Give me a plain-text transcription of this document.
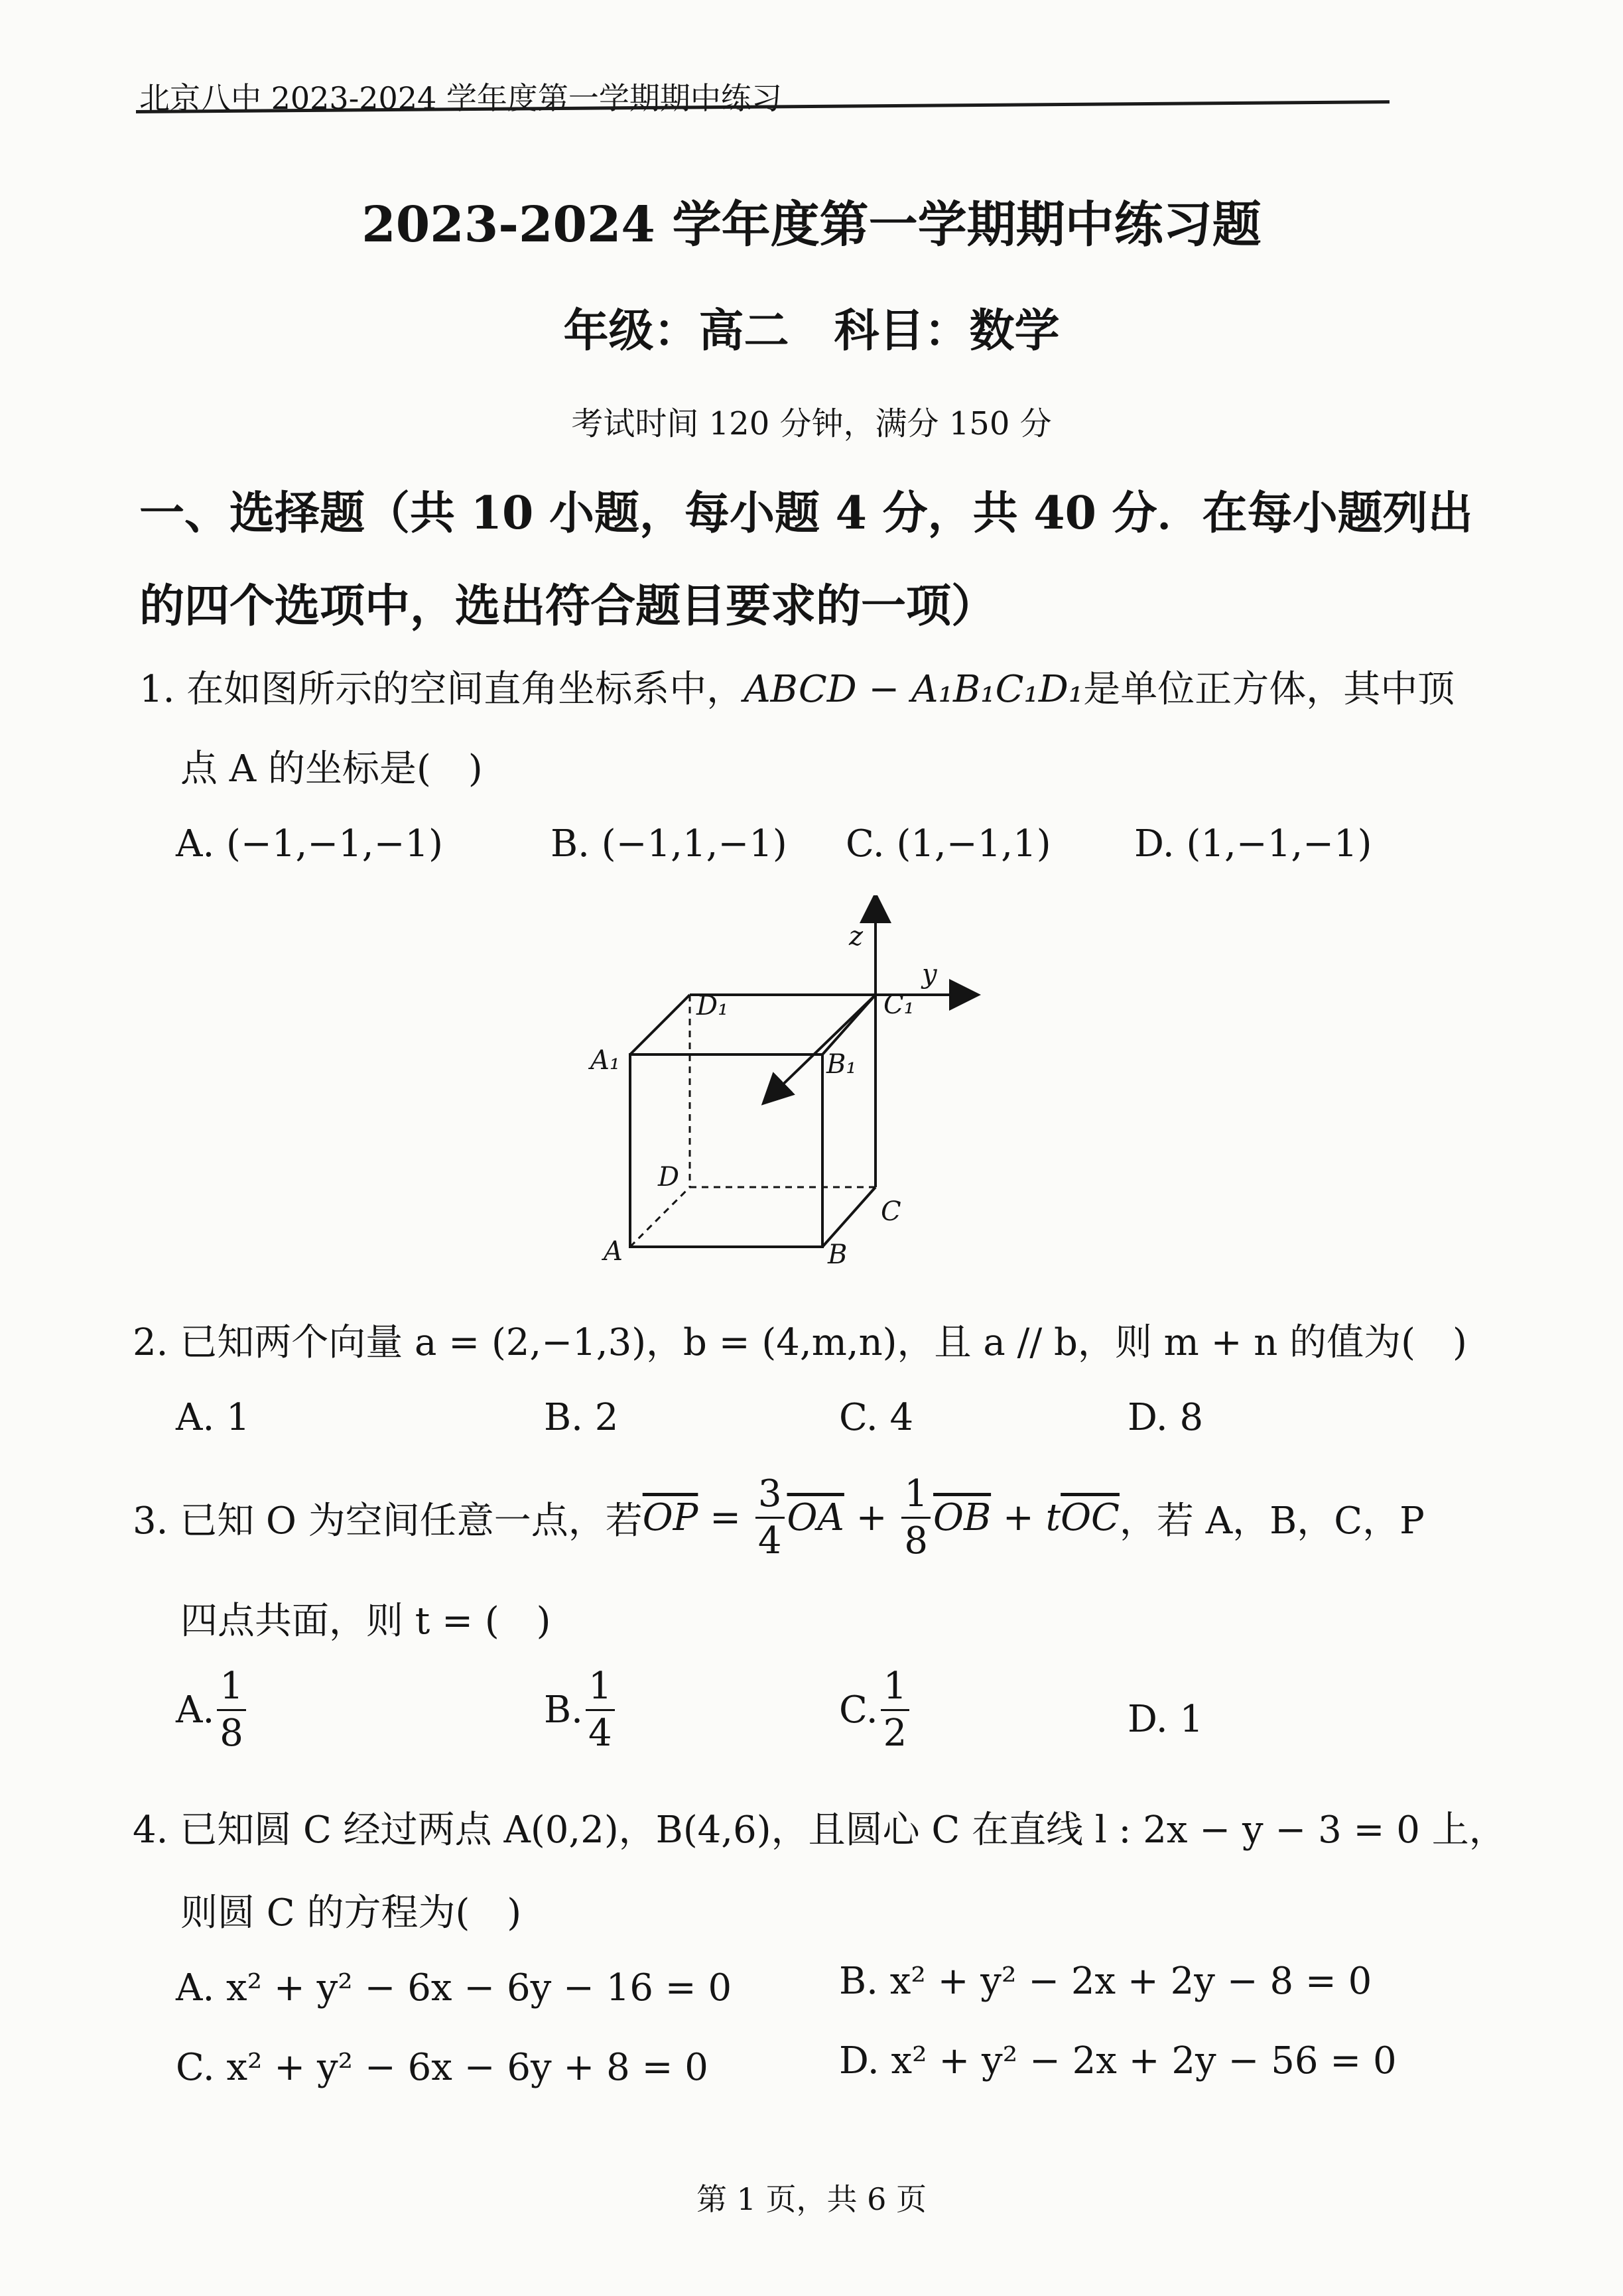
北京八中 2023-2024 学年度第一学期期中练习
2023-2024 学年度第一学期期中练习题
年级：高二　科目：数学
考试时间 120 分钟，满分 150 分
一、选择题（共 10 小题，每小题 4 分，共 40 分．在每小题列出
的四个选项中，选出符合题目要求的一项）
1. 在如图所示的空间直角坐标系中，ABCD − A₁B₁C₁D₁是单位正方体，其中顶
点 A 的坐标是(　)
A. (−1,−1,−1)	B. (−1,1,−1) C. (1,−1,1) D. (1,−1,−1)
z
y
D₁	C₁
A₁	B₁
D
C
A	B
2. 已知两个向量 a = (2,−1,3)，b = (4,m,n)，且 a // b，则 m + n 的值为(　)
A. 1	B. 2	C. 4	D. 8
3. 已知 O 为空间任意一点，若 $\overline{OP} = \frac{3}{4} \overline{OA} + \frac{1}{8} \overline{OB} + t$ $\overline{OC}$ ，若 A，B，C，P
四点共面，则 t = (　)
A. $\frac{1}{8}$	B. $\frac{1}{4}$	C. $\frac{1}{2}$	D. 1
4. 已知圆 C 经过两点 A(0,2)，B(4,6)，且圆心 C 在直线 l : 2x − y − 3 = 0 上，
则圆 C 的方程为(　)
A. x² + y² − 6x − 6y − 16 = 0	B. x² + y² − 2x + 2y − 8 = 0
C. x² + y² − 6x − 6y + 8 = 0	D. x² + y² − 2x + 2y − 56 = 0
第 1 页，共 6 页
